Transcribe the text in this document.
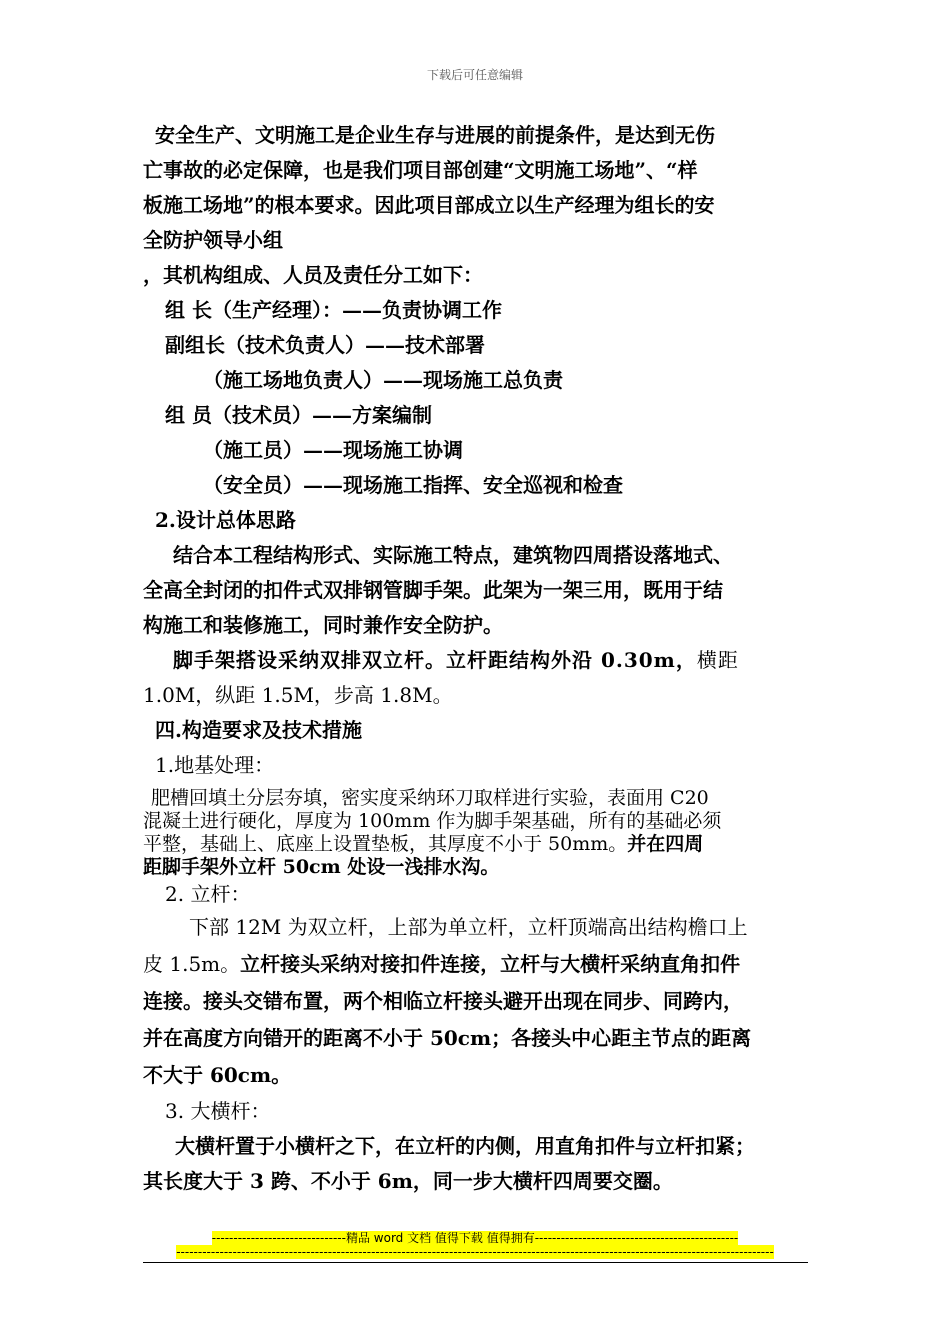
下载后可任意编辑
安全生产、文明施工是企业生存与进展的前提条件，是达到无伤
亡事故的必定保障，也是我们项目部创建“文明施工场地”、“样
板施工场地”的根本要求。因此项目部成立以生产经理为组长的安
全防护领导小组
，其机构组成、人员及责任分工如下：
组 长（生产经理）：——负责协调工作
副组长（技术负责人）——技术部署
（施工场地负责人）——现场施工总负责
组 员（技术员）——方案编制
（施工员）——现场施工协调
（安全员）——现场施工指挥、安全巡视和检查
2.设计总体思路
结合本工程结构形式、实际施工特点，建筑物四周搭设落地式、
全高全封闭的扣件式双排钢管脚手架。此架为一架三用，既用于结
构施工和装修施工，同时兼作安全防护。
脚手架搭设采纳双排双立杆。立杆距结构外沿 0.30m，横距
1.0M，纵距 1.5M，步高 1.8M。
四.构造要求及技术措施
1.地基处理：
肥槽回填土分层夯填，密实度采纳环刀取样进行实验，表面用 C20
混凝土进行硬化，厚度为 100mm 作为脚手架基础，所有的基础必须
平整，基础上、底座上设置垫板，其厚度不小于 50mm。并在四周
距脚手架外立杆 50cm 处设一浅排水沟。
2. 立杆：
下部 12M 为双立杆，上部为单立杆，立杆顶端高出结构檐口上
皮 1.5m。立杆接头采纳对接扣件连接，立杆与大横杆采纳直角扣件
连接。接头交错布置，两个相临立杆接头避开出现在同步、同跨内，
并在高度方向错开的距离不小于 50cm；各接头中心距主节点的距离
不大于 60cm。
3. 大横杆：
大横杆置于小横杆之下，在立杆的内侧，用直角扣件与立杆扣紧；
其长度大于 3 跨、不小于 6m，同一步大横杆四周要交圈。
-------------------------------精品 word 文档 值得下载 值得拥有-----------------------------------------------
------------------------------------------------------------------------------------------------------------------------------------------
